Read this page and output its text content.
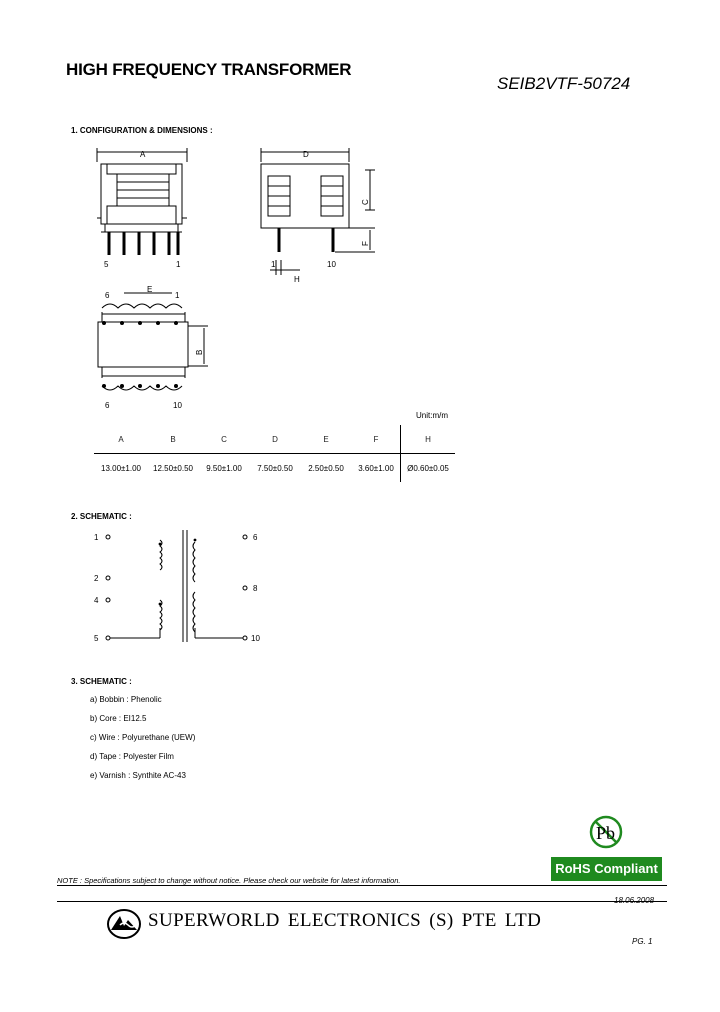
HIGH FREQUENCY TRANSFORMER
SEIB2VTF-50724
1. CONFIGURATION & DIMENSIONS :
A	D
C
F
H
B
E
5	1	1	10
6	1
6	10
Unit:m/m
A	B	C	D	E	F	H
13.00±1.00	12.50±0.50	9.50±1.00	7.50±0.50	2.50±0.50	3.60±1.00	Ø0.60±0.05
2. SCHEMATIC :
1
2
4
5
6
8
10
3. SCHEMATIC :
a) Bobbin : Phenolic
b) Core : EI12.5
c) Wire : Polyurethane (UEW)
d) Tape : Polyester Film
e) Varnish : Synthite AC-43
Pb
RoHS Compliant
NOTE : Specifications subject to change without notice. Please check our website for latest information.
18.06.2008
SUPERWORLD ELECTRONICS (S) PTE LTD
PG. 1
